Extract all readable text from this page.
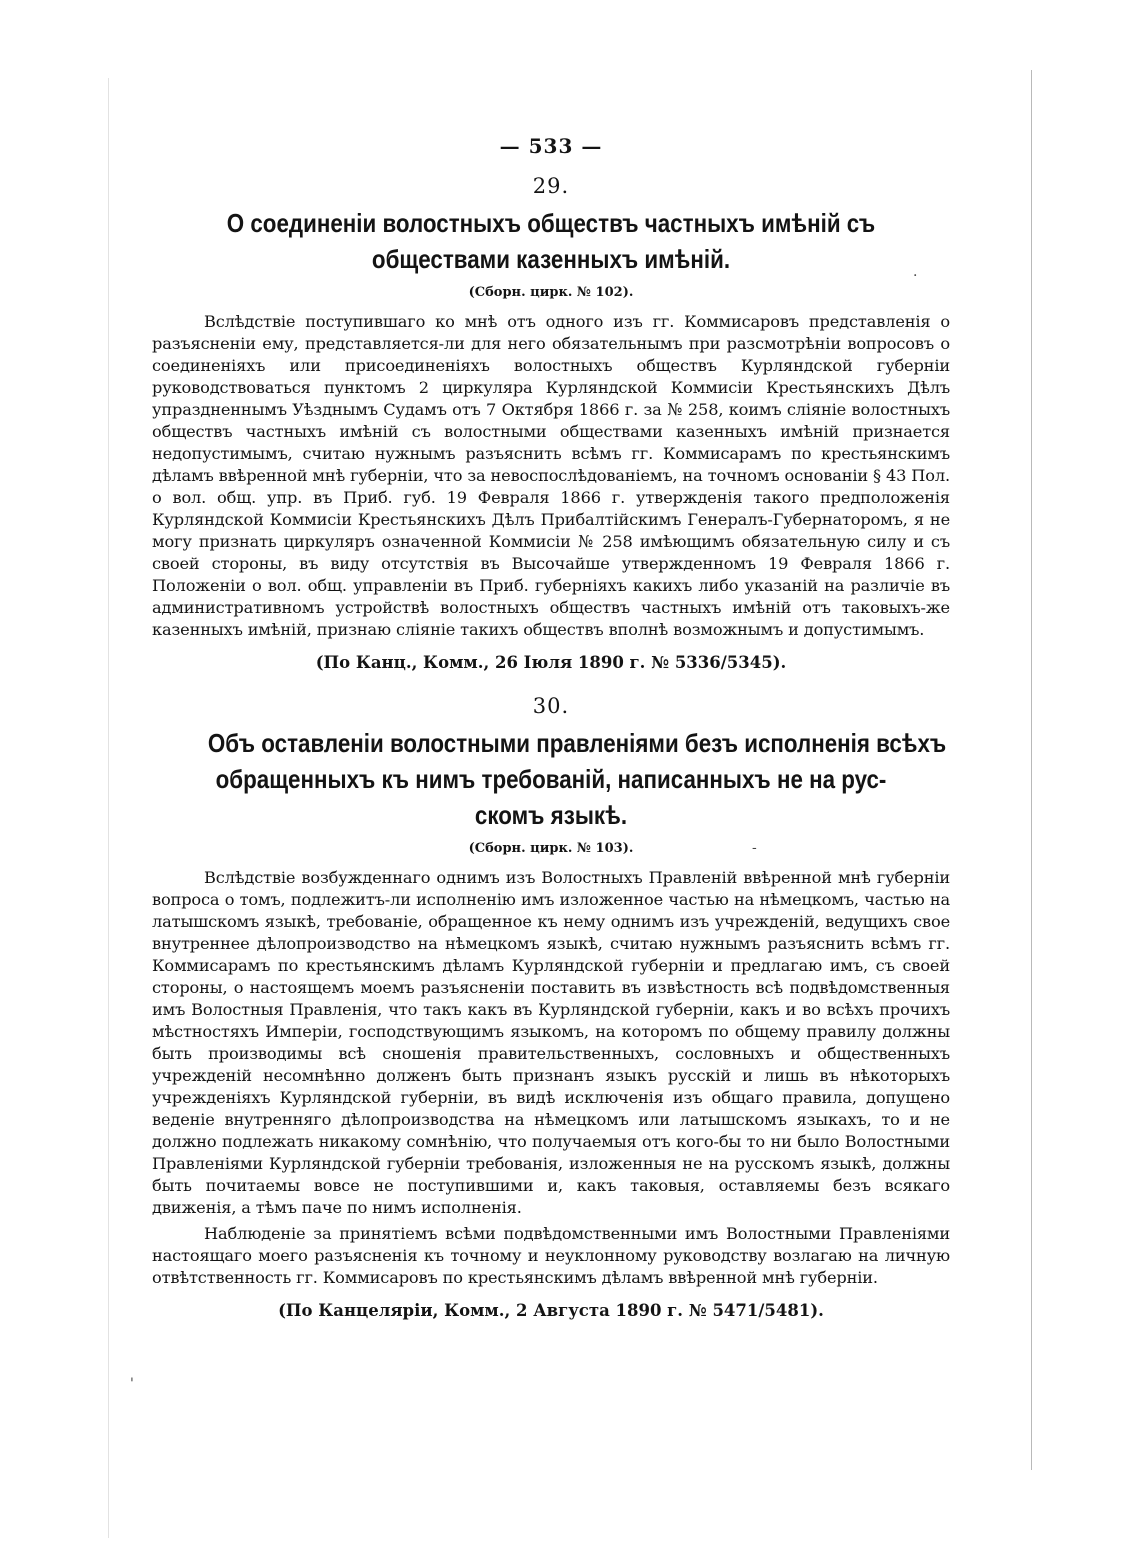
— 533 —
29.
О соединеніи волостныхъ обществъ частныхъ имѣній съ
обществами казенныхъ имѣній.
(Сборн. цирк. № 102).

Вслѣдствіе поступившаго ко мнѣ отъ одного изъ гг. Коммисаровъ представленія о разъясненіи ему, представляется-ли для него обязательнымъ при разсмотрѣніи вопросовъ о соединеніяхъ или присоединеніяхъ волостныхъ обществъ Курляндской губерніи руководствоваться пунктомъ 2 циркуляра Курляндской Коммисіи Крестьянскихъ Дѣлъ упраздненнымъ Уѣзднымъ Судамъ отъ 7 Октября 1866 г. за № 258, коимъ сліяніе волостныхъ обществъ частныхъ имѣній съ волостными обществами казенныхъ имѣній признается недопустимымъ, считаю нужнымъ разъяснить всѣмъ гг. Коммисарамъ по крестьянскимъ дѣламъ ввѣренной мнѣ губерніи, что за невоспослѣдованіемъ, на точномъ основаніи § 43 Пол. о вол. общ. упр. въ Приб. губ. 19 Февраля 1866 г. утвержденія такого предположенія Курляндской Коммисіи Крестьянскихъ Дѣлъ Прибалтійскимъ Генералъ-Губернаторомъ, я не могу признать циркуляръ означенной Коммисіи № 258 имѣющимъ обязательную силу и съ своей стороны, въ виду отсутствія въ Высочайше утвержденномъ 19 Февраля 1866 г. Положеніи о вол. общ. управленіи въ Приб. губерніяхъ какихъ либо указаній на различіе въ административномъ устройствѣ волостныхъ обществъ частныхъ имѣній отъ таковыхъ-же казенныхъ имѣній, признаю сліяніе такихъ обществъ вполнѣ возможнымъ и допустимымъ.

(По Канц., Комм., 26 Іюля 1890 г. № 5336/5345).
30.
Объ оставленіи волостными правленіями безъ исполненія всѣхъ
обращенныхъ къ нимъ требованій, написанныхъ не на рус-
скомъ языкѣ.
(Сборн. цирк. № 103).

Вслѣдствіе возбужденнаго однимъ изъ Волостныхъ Правленій ввѣренной мнѣ губерніи вопроса о томъ, подлежитъ-ли исполненію имъ изложенное частью на нѣмецкомъ, частью на латышскомъ языкѣ, требованіе, обращенное къ нему однимъ изъ учрежденій, ведущихъ свое внутреннее дѣлопроизводство на нѣмецкомъ языкѣ, считаю нужнымъ разъяснить всѣмъ гг. Коммисарамъ по крестьянскимъ дѣламъ Курляндской губерніи и предлагаю имъ, съ своей стороны, о настоящемъ моемъ разъясненіи поставить въ извѣстность всѣ подвѣдомственныя имъ Волостныя Правленія, что такъ какъ въ Курляндской губерніи, какъ и во всѣхъ прочихъ мѣстностяхъ Имперіи, господствующимъ языкомъ, на которомъ по общему правилу должны быть производимы всѣ сношенія правительственныхъ, сословныхъ и общественныхъ учрежденій несомнѣнно долженъ быть признанъ языкъ русскій и лишь въ нѣкоторыхъ учрежденіяхъ Курляндской губерніи, въ видѣ исключенія изъ общаго правила, допущено веденіе внутренняго дѣлопроизводства на нѣмецкомъ или латышскомъ языкахъ, то и не должно подлежать никакому сомнѣнію, что получаемыя отъ кого-бы то ни было Волостными Правленіями Курляндской губерніи требованія, изложенныя не на русскомъ языкѣ, должны быть почитаемы вовсе не поступившими и, какъ таковыя, оставляемы безъ всякаго движенія, а тѣмъ паче по нимъ исполненія.

Наблюденіе за принятіемъ всѣми подвѣдомственными имъ Волостными Правленіями настоящаго моего разъясненія къ точному и неуклонному руководству возлагаю на личную отвѣтственность гг. Коммисаровъ по крестьянскимъ дѣламъ ввѣренной мнѣ губерніи.

(По Канцеляріи, Комм., 2 Августа 1890 г. № 5471/5481).
'
-
·
